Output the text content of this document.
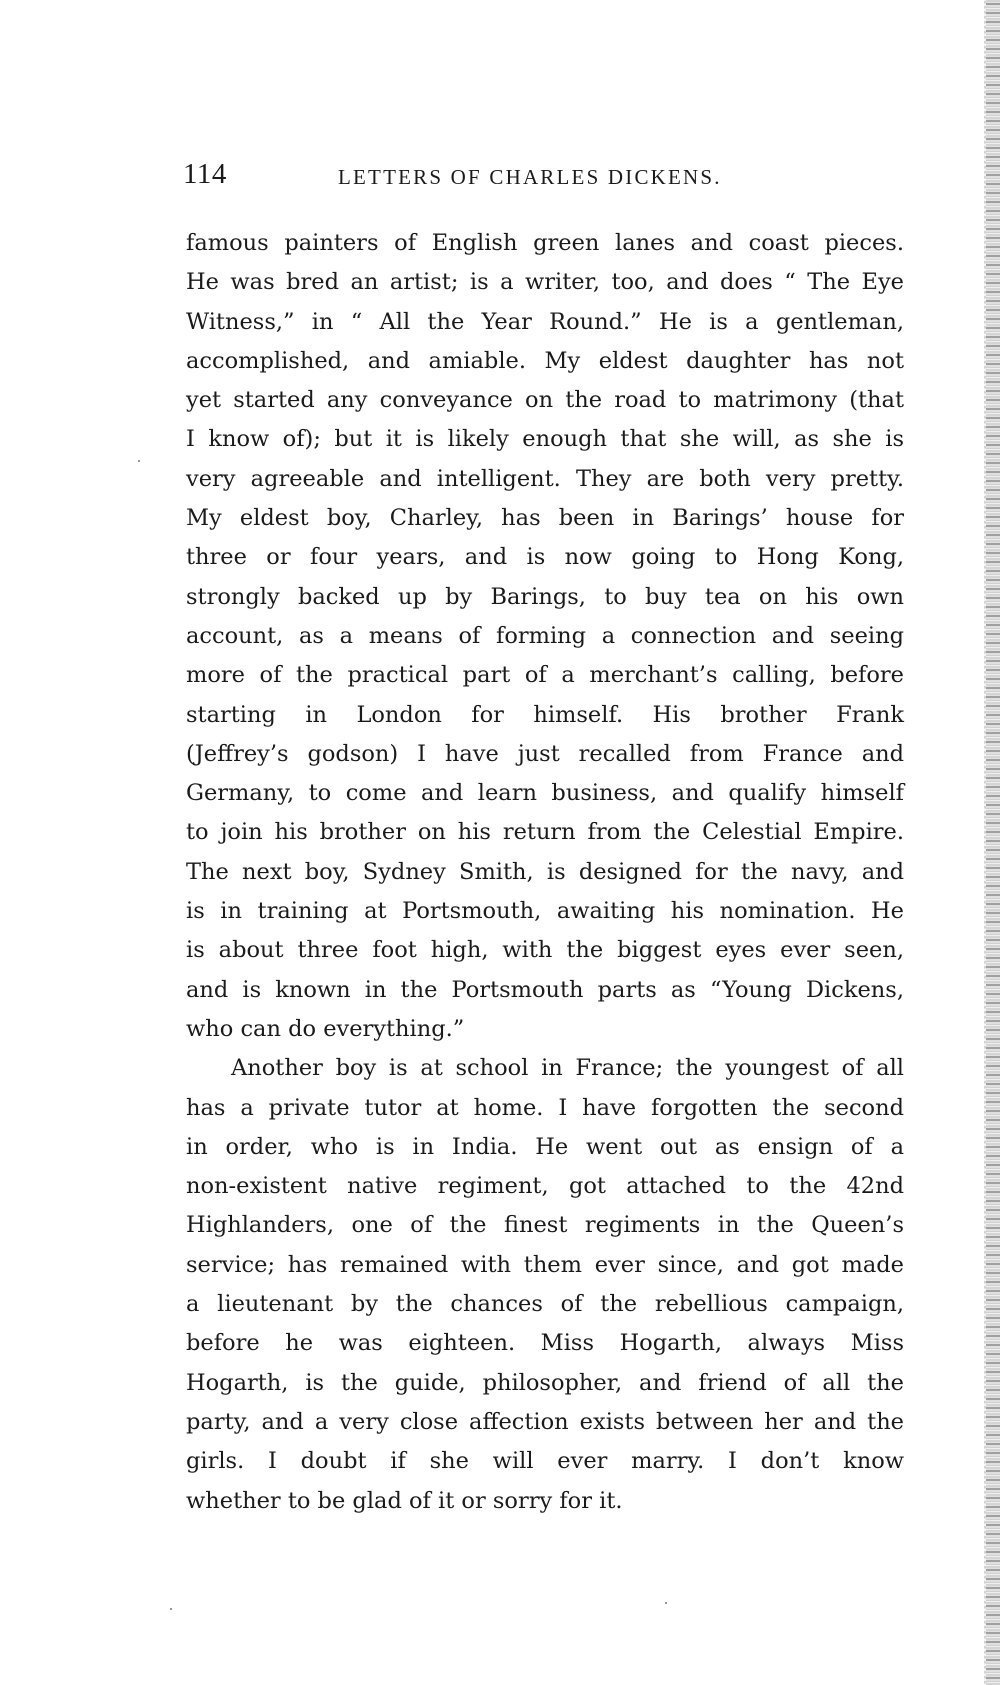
114	LETTERS OF CHARLES DICKENS.
famous painters of English green lanes and coast pieces.
He was bred an artist; is a writer, too, and does “ The Eye
Witness,” in “ All the Year Round.” He is a gentleman,
accomplished, and amiable. My eldest daughter has not
yet started any conveyance on the road to matrimony (that
I know of); but it is likely enough that she will, as she is
very agreeable and intelligent. They are both very pretty.
My eldest boy, Charley, has been in Barings’ house for
three or four years, and is now going to Hong Kong,
strongly backed up by Barings, to buy tea on his own
account, as a means of forming a connection and seeing
more of the practical part of a merchant’s calling, before
starting in London for himself. His brother Frank
(Jeffrey’s godson) I have just recalled from France and
Germany, to come and learn business, and qualify himself
to join his brother on his return from the Celestial Empire.
The next boy, Sydney Smith, is designed for the navy, and
is in training at Portsmouth, awaiting his nomination. He
is about three foot high, with the biggest eyes ever seen,
and is known in the Portsmouth parts as “Young Dickens,
who can do everything.”
Another boy is at school in France; the youngest of all
has a private tutor at home. I have forgotten the second
in order, who is in India. He went out as ensign of a
non-existent native regiment, got attached to the 42nd
Highlanders, one of the finest regiments in the Queen’s
service; has remained with them ever since, and got made
a lieutenant by the chances of the rebellious campaign,
before he was eighteen. Miss Hogarth, always Miss
Hogarth, is the guide, philosopher, and friend of all the
party, and a very close affection exists between her and the
girls. I doubt if she will ever marry. I don’t know
whether to be glad of it or sorry for it.
